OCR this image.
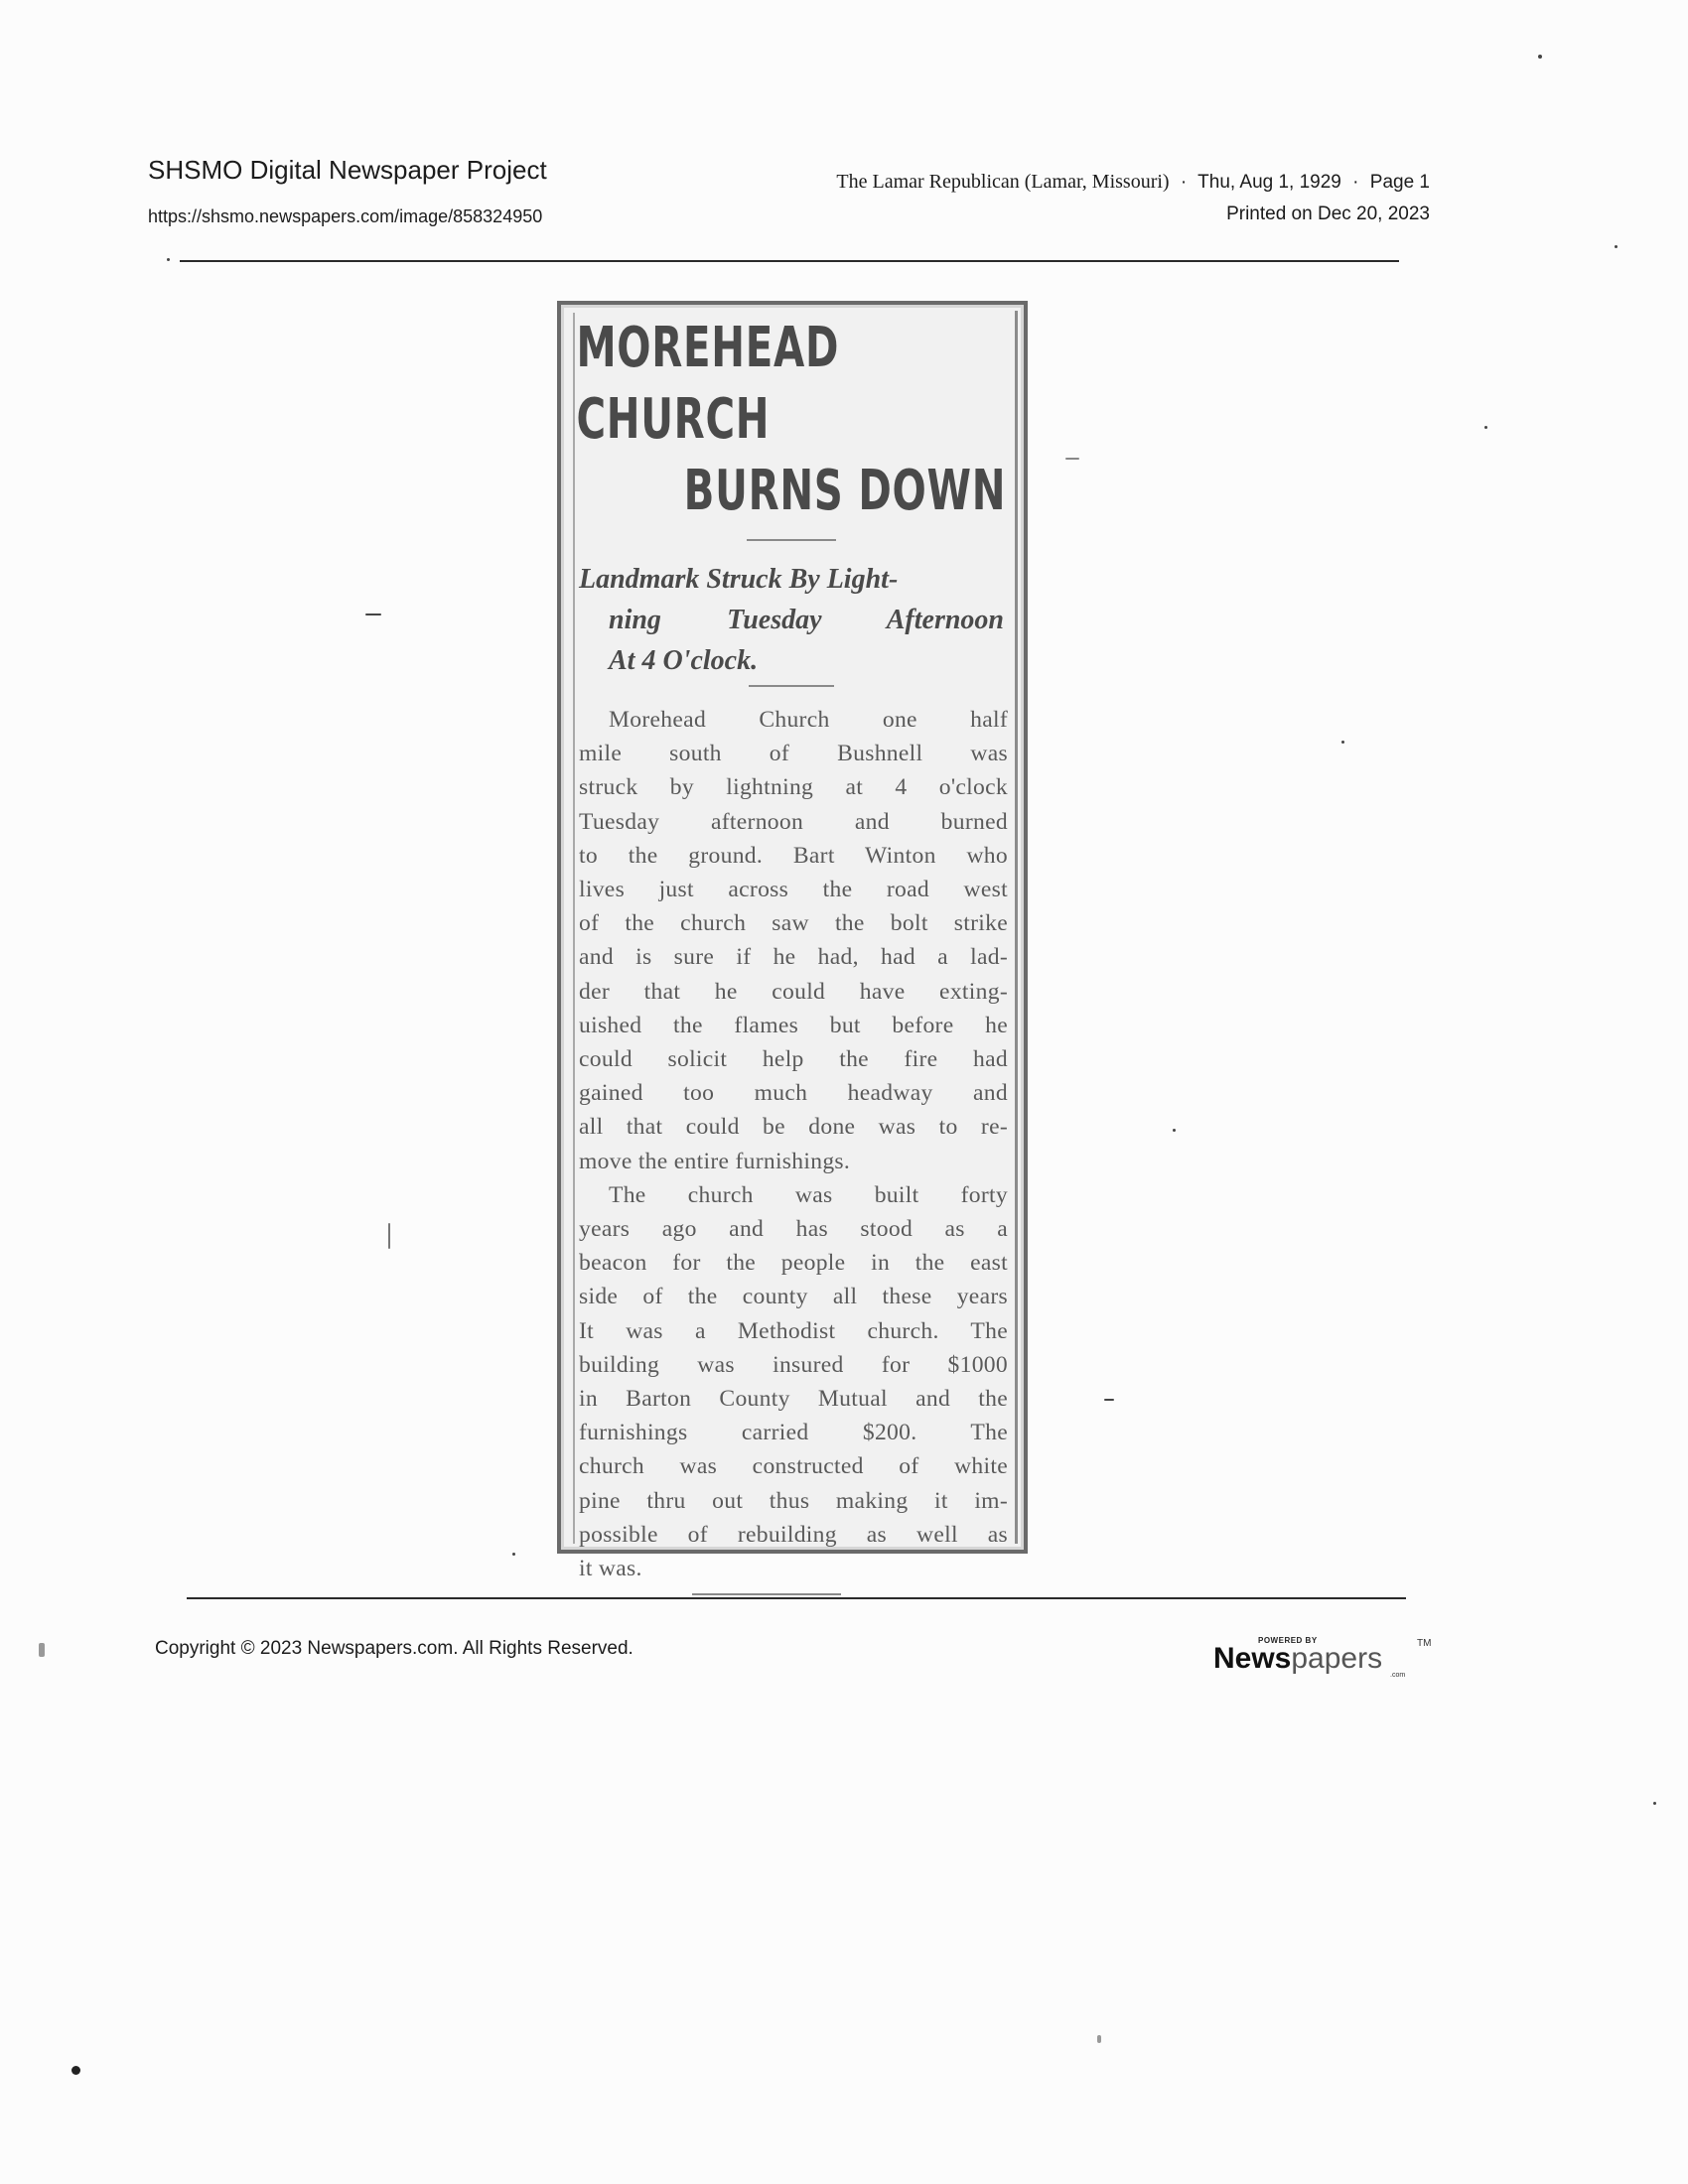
SHSMO Digital Newspaper Project
https://shsmo.newspapers.com/image/858324950
The Lamar Republican (Lamar, Missouri) · Thu, Aug 1, 1929 · Page 1
Printed on Dec 20, 2023
MOREHEAD CHURCH
BURNS DOWN
Landmark Struck By Light-
ning Tuesday Afternoon
At 4 O'clock.
Morehead Church one half
mile south of Bushnell was
struck by lightning at 4 o'clock
Tuesday afternoon and burned
to the ground. Bart Winton who
lives just across the road west
of the church saw the bolt strike
and is sure if he had, had a lad-
der that he could have exting-
uished the flames but before he
could solicit help the fire had
gained too much headway and
all that could be done was to re-
move the entire furnishings.
The church was built forty
years ago and has stood as a
beacon for the people in the east
side of the county all these years
It was a Methodist church. The
building was insured for $1000
in Barton County Mutual and the
furnishings carried $200. The
church was constructed of white
pine thru out thus making it im-
possible of rebuilding as well as
it was.
Copyright © 2023 Newspapers.com. All Rights Reserved.	POWERED BY
Newspapers	TM
.com
